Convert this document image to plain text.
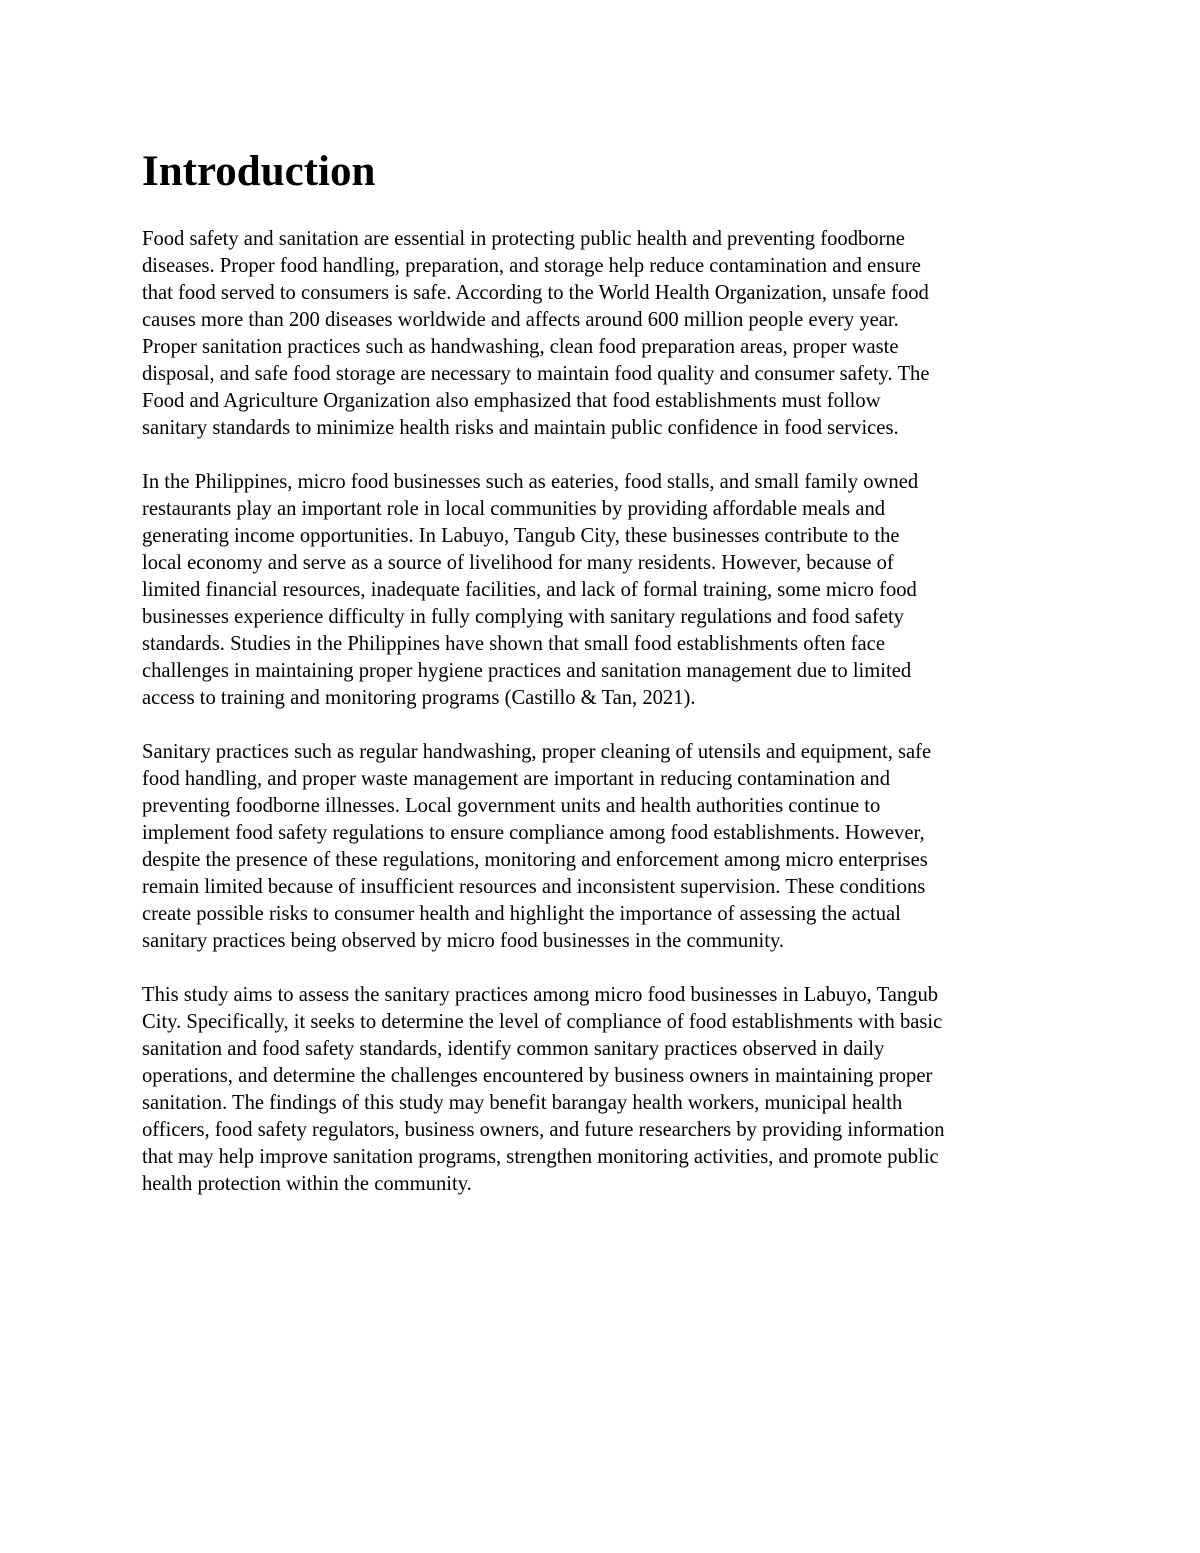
Introduction

Food safety and sanitation are essential in protecting public health and preventing foodborne
diseases. Proper food handling, preparation, and storage help reduce contamination and ensure
that food served to consumers is safe. According to the World Health Organization, unsafe food
causes more than 200 diseases worldwide and affects around 600 million people every year.
Proper sanitation practices such as handwashing, clean food preparation areas, proper waste
disposal, and safe food storage are necessary to maintain food quality and consumer safety. The
Food and Agriculture Organization also emphasized that food establishments must follow
sanitary standards to minimize health risks and maintain public confidence in food services.

In the Philippines, micro food businesses such as eateries, food stalls, and small family owned
restaurants play an important role in local communities by providing affordable meals and
generating income opportunities. In Labuyo, Tangub City, these businesses contribute to the
local economy and serve as a source of livelihood for many residents. However, because of
limited financial resources, inadequate facilities, and lack of formal training, some micro food
businesses experience difficulty in fully complying with sanitary regulations and food safety
standards. Studies in the Philippines have shown that small food establishments often face
challenges in maintaining proper hygiene practices and sanitation management due to limited
access to training and monitoring programs (Castillo & Tan, 2021).

Sanitary practices such as regular handwashing, proper cleaning of utensils and equipment, safe
food handling, and proper waste management are important in reducing contamination and
preventing foodborne illnesses. Local government units and health authorities continue to
implement food safety regulations to ensure compliance among food establishments. However,
despite the presence of these regulations, monitoring and enforcement among micro enterprises
remain limited because of insufficient resources and inconsistent supervision. These conditions
create possible risks to consumer health and highlight the importance of assessing the actual
sanitary practices being observed by micro food businesses in the community.

This study aims to assess the sanitary practices among micro food businesses in Labuyo, Tangub
City. Specifically, it seeks to determine the level of compliance of food establishments with basic
sanitation and food safety standards, identify common sanitary practices observed in daily
operations, and determine the challenges encountered by business owners in maintaining proper
sanitation. The findings of this study may benefit barangay health workers, municipal health
officers, food safety regulators, business owners, and future researchers by providing information
that may help improve sanitation programs, strengthen monitoring activities, and promote public
health protection within the community.
